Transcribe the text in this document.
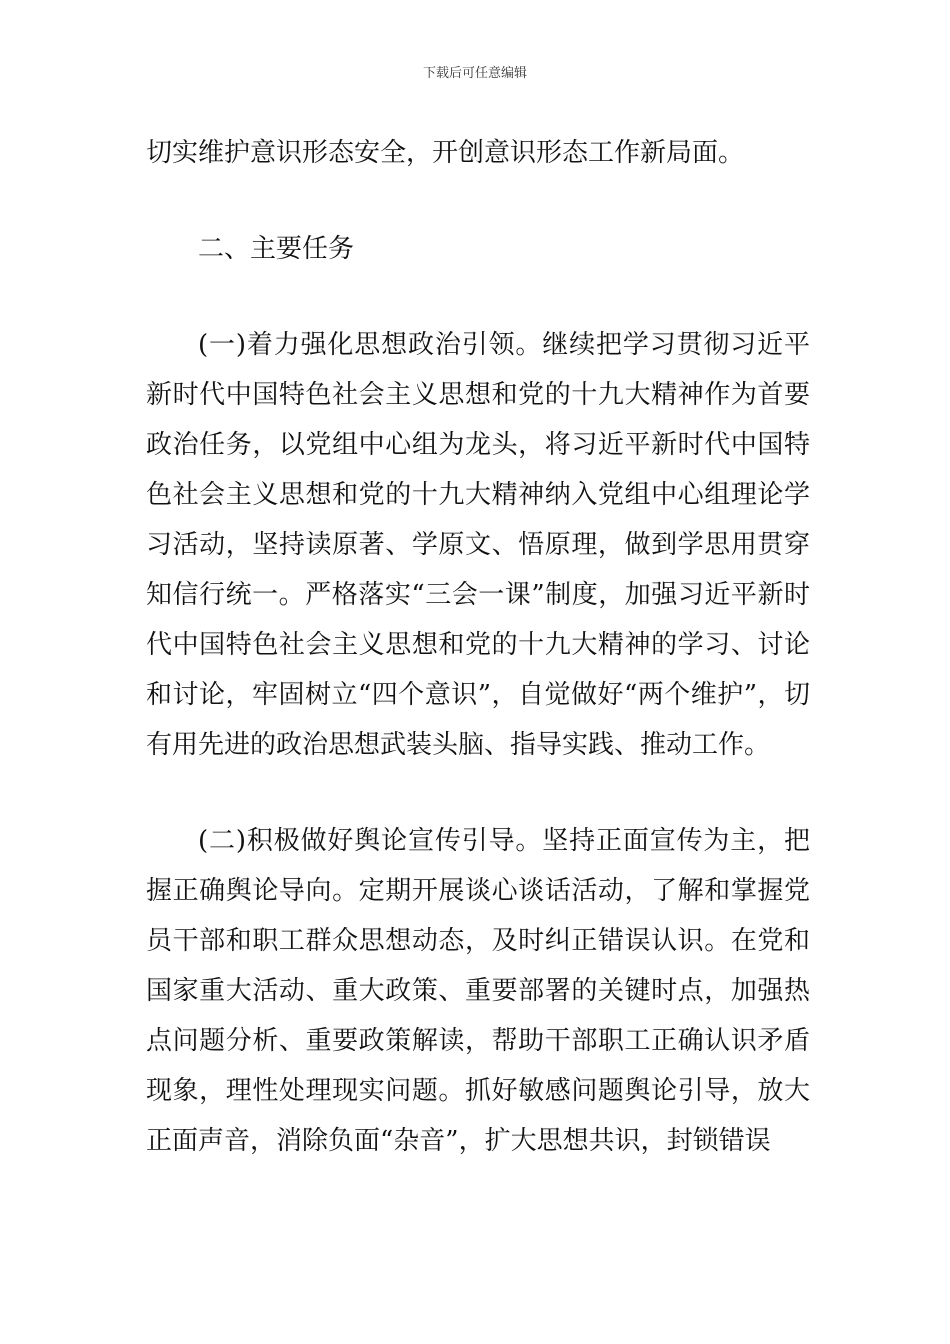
下载后可任意编辑

切实维护意识形态安全，开创意识形态工作新局面。

二、主要任务

(一)着力强化思想政治引领。继续把学习贯彻习近平新时代中国特色社会主义思想和党的十九大精神作为首要政治任务，以党组中心组为龙头，将习近平新时代中国特色社会主义思想和党的十九大精神纳入党组中心组理论学习活动，坚持读原著、学原文、悟原理，做到学思用贯穿知信行统一。严格落实“三会一课”制度，加强习近平新时代中国特色社会主义思想和党的十九大精神的学习、讨论和讨论，牢固树立“四个意识”，自觉做好“两个维护”，切有用先进的政治思想武装头脑、指导实践、推动工作。

(二)积极做好舆论宣传引导。坚持正面宣传为主，把握正确舆论导向。定期开展谈心谈话活动，了解和掌握党员干部和职工群众思想动态，及时纠正错误认识。在党和国家重大活动、重大政策、重要部署的关键时点，加强热点问题分析、重要政策解读，帮助干部职工正确认识矛盾现象，理性处理现实问题。抓好敏感问题舆论引导，放大正面声音，消除负面“杂音”，扩大思想共识，封锁错误
